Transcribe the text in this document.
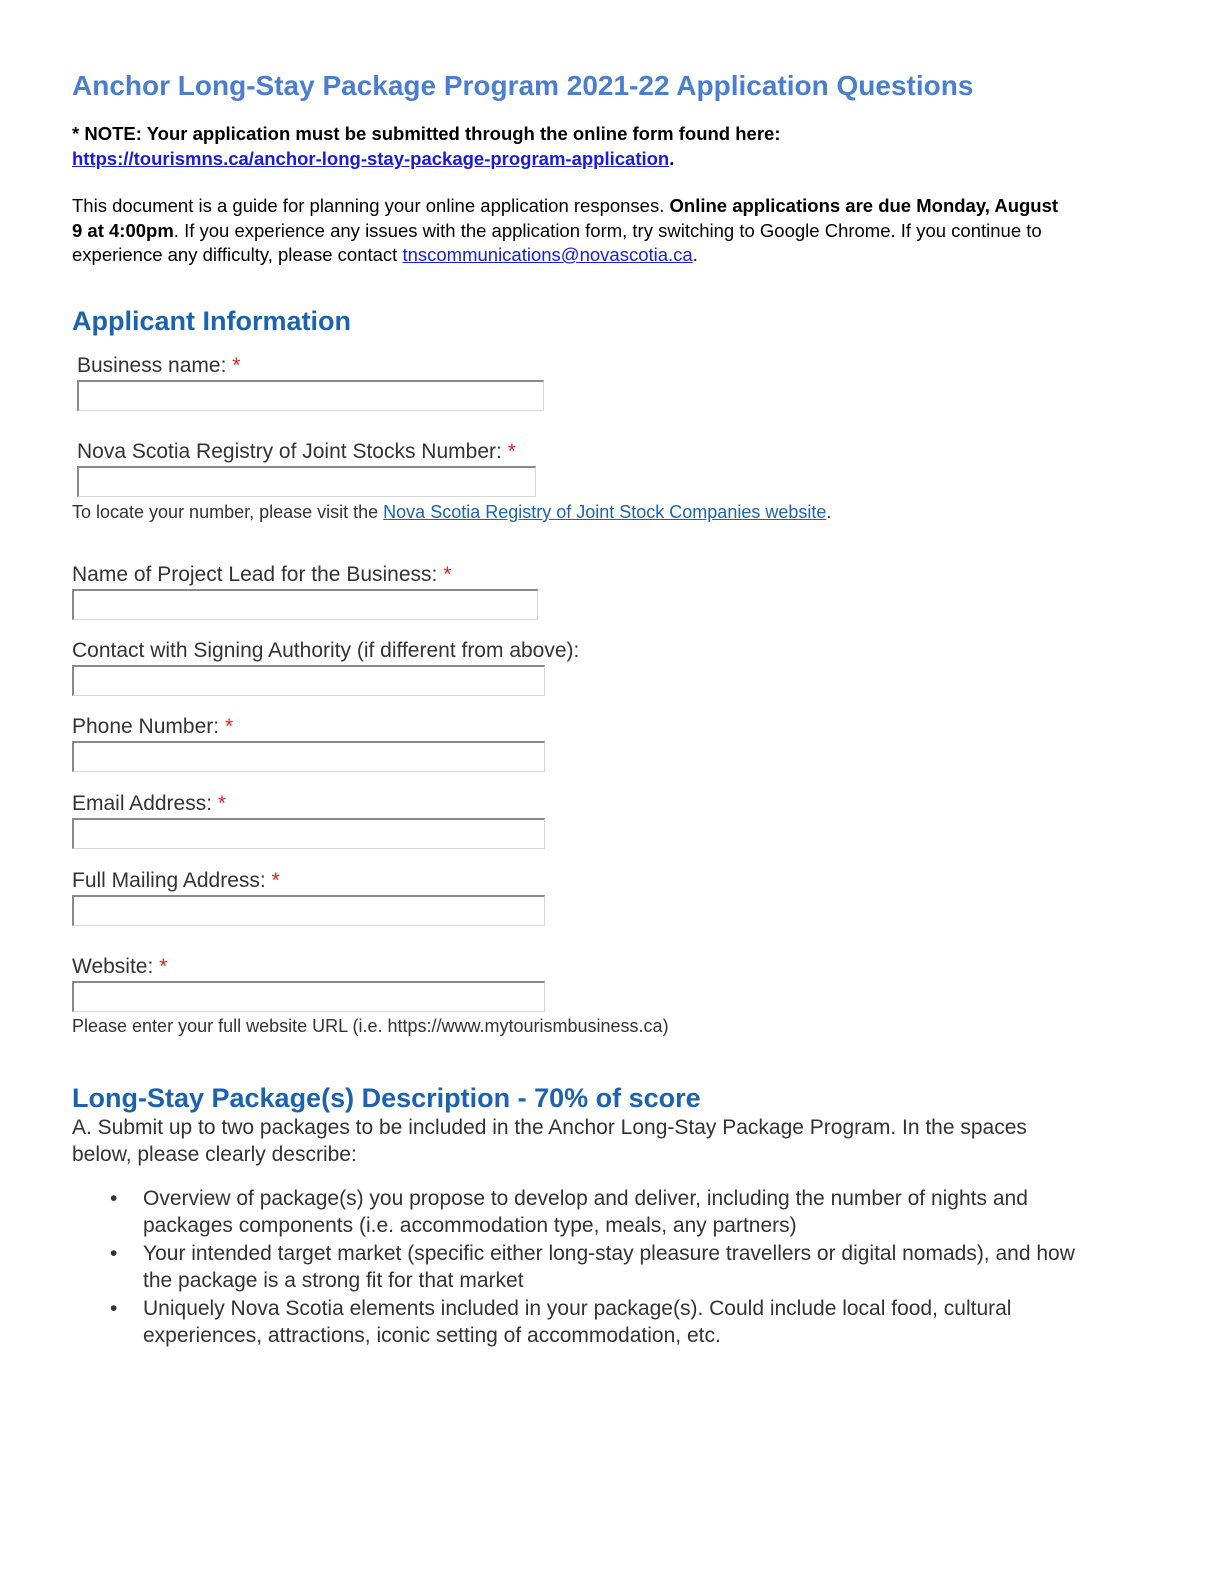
Anchor Long-Stay Package Program 2021-22 Application Questions
* NOTE: Your application must be submitted through the online form found here:
https://tourismns.ca/anchor-long-stay-package-program-application.
This document is a guide for planning your online application responses. Online applications are due Monday, August 9 at 4:00pm. If you experience any issues with the application form, try switching to Google Chrome. If you continue to experience any difficulty, please contact tnscommunications@novascotia.ca.
Applicant Information
Business name: *
Nova Scotia Registry of Joint Stocks Number: *
To locate your number, please visit the Nova Scotia Registry of Joint Stock Companies website.
Name of Project Lead for the Business: *
Contact with Signing Authority (if different from above):
Phone Number: *
Email Address: *
Full Mailing Address: *
Website: *
Please enter your full website URL (i.e. https://www.mytourismbusiness.ca)
Long-Stay Package(s) Description - 70% of score
A. Submit up to two packages to be included in the Anchor Long-Stay Package Program. In the spaces below, please clearly describe:
• Overview of package(s) you propose to develop and deliver, including the number of nights and packages components (i.e. accommodation type, meals, any partners)
• Your intended target market (specific either long-stay pleasure travellers or digital nomads), and how the package is a strong fit for that market
• Uniquely Nova Scotia elements included in your package(s). Could include local food, cultural experiences, attractions, iconic setting of accommodation, etc.
